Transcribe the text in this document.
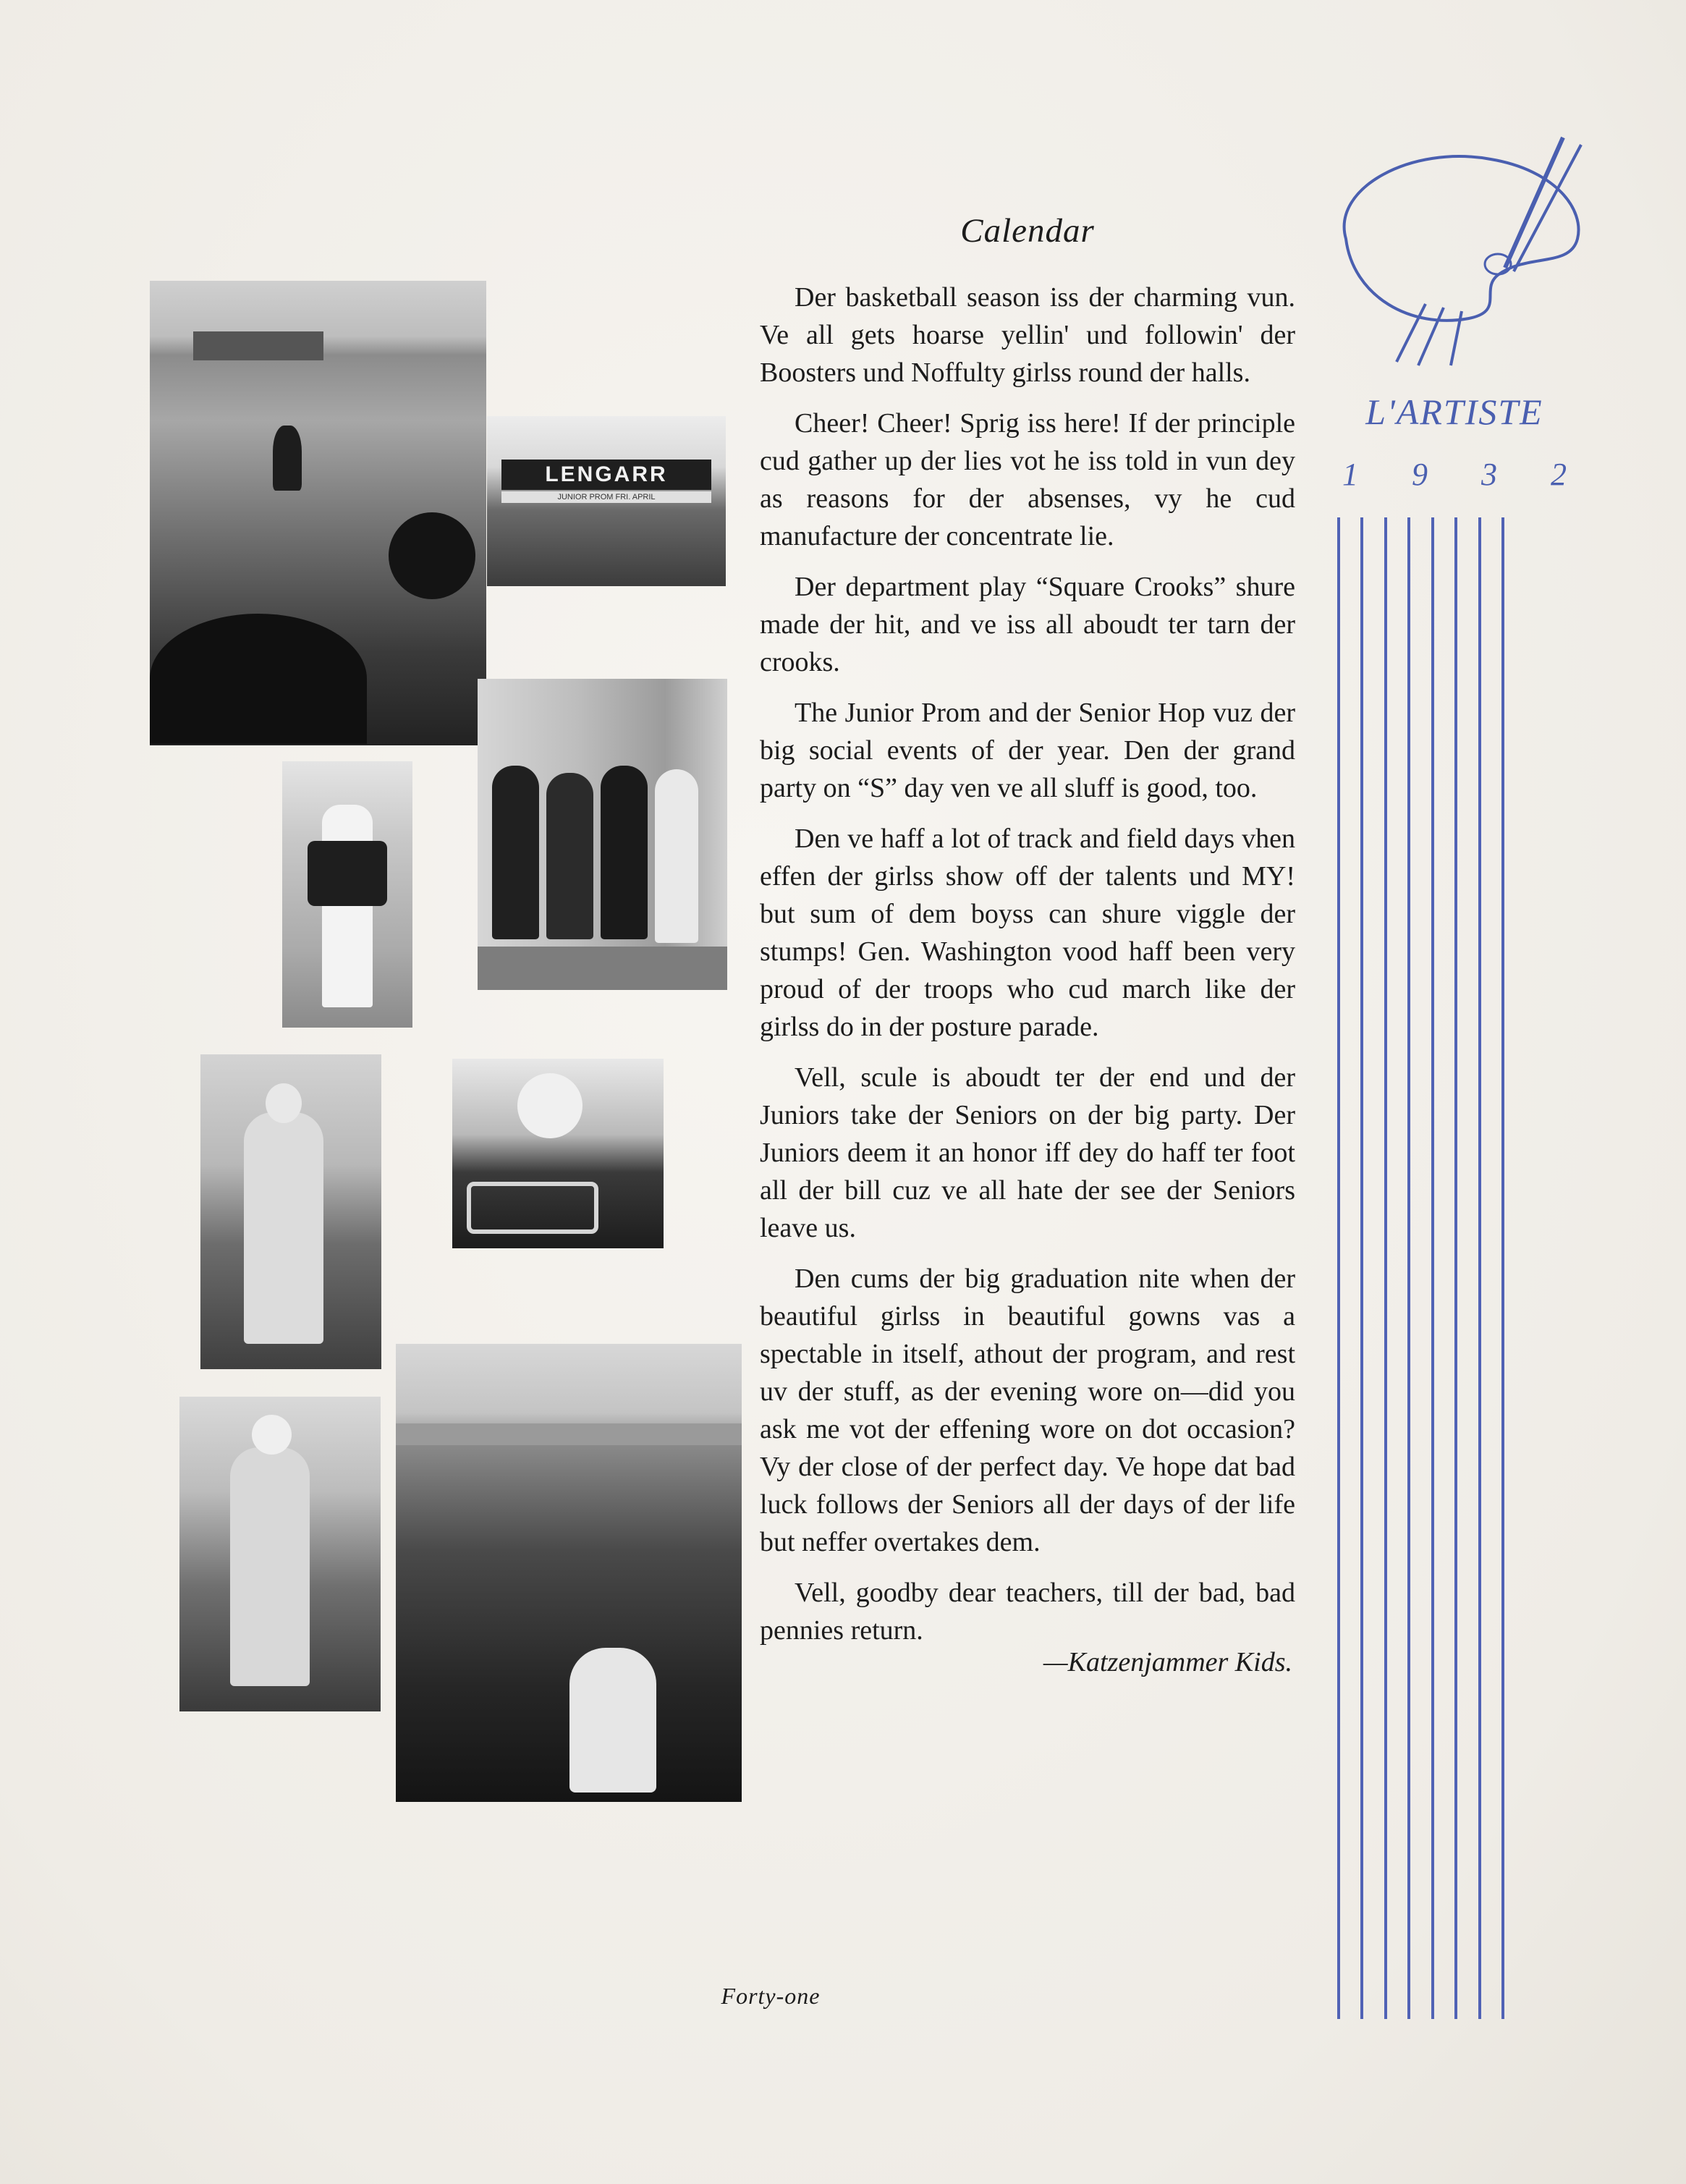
LENGARR
JUNIOR PROM FRI. APRIL
Calendar

Der basketball season iss der charming vun. Ve all gets hoarse yellin' und followin' der Boosters und Noffulty girlss round der halls.

Cheer! Cheer! Sprig iss here! If der principle cud gather up der lies vot he iss told in vun dey as reasons for der absenses, vy he cud manufacture der concentrate lie.

Der department play “Square Crooks” shure made der hit, and ve iss all aboudt ter tarn der crooks.

The Junior Prom and der Senior Hop vuz der big social events of der year. Den der grand party on “S” day ven ve all sluff is good, too.

Den ve haff a lot of track and field days vhen effen der girlss show off der talents und MY! but sum of dem boyss can shure viggle der stumps! Gen. Washington vood haff been very proud of der troops who cud march like der girlss do in der posture parade.

Vell, scule is aboudt ter der end und der Juniors take der Seniors on der big party. Der Juniors deem it an honor iff dey do haff ter foot all der bill cuz ve all hate der see der Seniors leave us.

Den cums der big graduation nite when der beautiful girlss in beautiful gowns vas a spectable in itself, athout der program, and rest uv der stuff, as der evening wore on—did you ask me vot der effening wore on dot occasion? Vy der close of der perfect day. Ve hope dat bad luck follows der Seniors all der days of der life but neffer overtakes dem.

Vell, goodby dear teachers, till der bad, bad pennies return.

—Katzenjammer Kids.
L'ARTISTE
1 9 3 2
Forty-one
